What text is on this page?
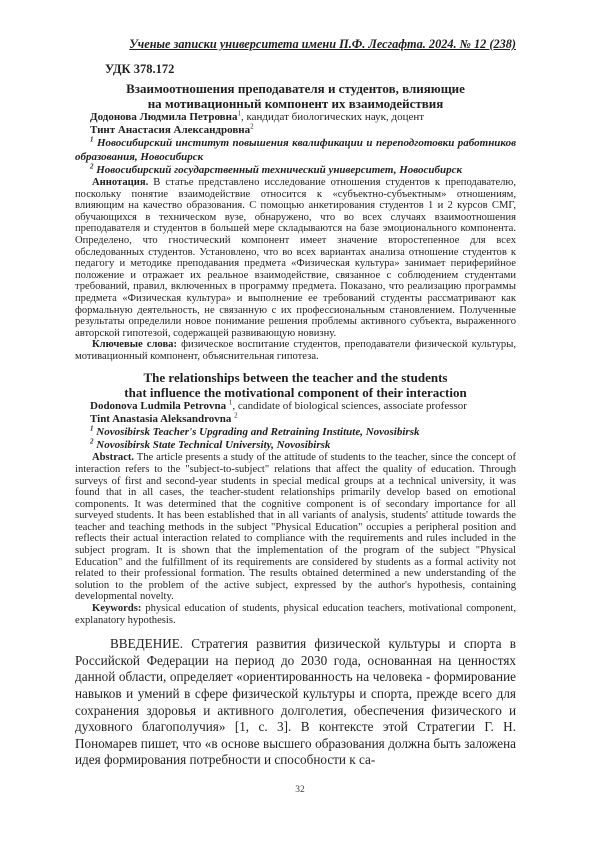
Ученые записки университета имени П.Ф. Лесгафта. 2024. № 12 (238)

УДК 378.172

Взаимоотношения преподавателя и студентов, влияющие
на мотивационный компонент их взаимодействия

Додонова Людмила Петровна$^1$, кандидат биологических наук, доцент

Тинт Анастасия Александровна$^2$

$^1$ Новосибирский институт повышения квалификации и переподготовки работников образования, Новосибирск

$^2$ Новосибирский государственный технический университет, Новосибирск

Аннотация. В статье представлено исследование отношения студентов к преподавателю, поскольку понятие взаимодействие относится к «субъектно-субъектным» отношениям, влияющим на качество образования. С помощью анкетирования студентов 1 и 2 курсов СМГ, обучающихся в техническом вузе, обнаружено, что во всех случаях взаимоотношения преподавателя и студентов в большей мере складываются на базе эмоционального компонента. Определено, что гностический компонент имеет значение второстепенное для всех обследованных студентов. Установлено, что во всех вариантах анализа отношение студентов к педагогу и методике преподавания предмета «Физическая культура» занимает периферийное положение и отражает их реальное взаимодействие, связанное с соблюдением студентами требований, правил, включенных в программу предмета. Показано, что реализацию программы предмета «Физическая культура» и выполнение ее требований студенты рассматривают как формальную деятельность, не связанную с их профессиональным становлением. Полученные результаты определили новое понимание решения проблемы активного субъекта, выраженного авторской гипотезой, содержащей развивающую новизну.

Ключевые слова: физическое воспитание студентов, преподаватели физической культуры, мотивационный компонент, объяснительная гипотеза.

The relationships between the teacher and the students
that influence the motivational component of their interaction

Dodonova Ludmila Petrovna $^1$, candidate of biological sciences, associate professor

Tint Anastasia Aleksandrovna $^2$

$^1$ Novosibirsk Teacher's Upgrading and Retraining Institute, Novosibirsk

$^2$ Novosibirsk State Technical University, Novosibirsk

Abstract. The article presents a study of the attitude of students to the teacher, since the concept of interaction refers to the "subject-to-subject" relations that affect the quality of education. Through surveys of first and second-year students in special medical groups at a technical university, it was found that in all cases, the teacher-student relationships primarily develop based on emotional components. It was determined that the cognitive component is of secondary importance for all surveyed students. It has been established that in all variants of analysis, students' attitude towards the teacher and teaching methods in the subject "Physical Education" occupies a peripheral position and reflects their actual interaction related to compliance with the requirements and rules included in the subject program. It is shown that the implementation of the program of the subject "Physical Education" and the fulfillment of its requirements are considered by students as a formal activity not related to their professional formation. The results obtained determined a new understanding of the solution to the problem of the active subject, expressed by the author's hypothesis, containing developmental novelty.

Keywords: physical education of students, physical education teachers, motivational component, explanatory hypothesis.

ВВЕДЕНИЕ. Стратегия развития физической культуры и спорта в Российской Федерации на период до 2030 года, основанная на ценностях данной области, определяет «ориентированность на человека - формирование навыков и умений в сфере физической культуры и спорта, прежде всего для сохранения здоровья и активного долголетия, обеспечения физического и духовного благополучия» [1, с. 3]. В контексте этой Стратегии Г. Н. Пономарев пишет, что «в основе высшего образования должна быть заложена идея формирования потребности и способности к са-

32
